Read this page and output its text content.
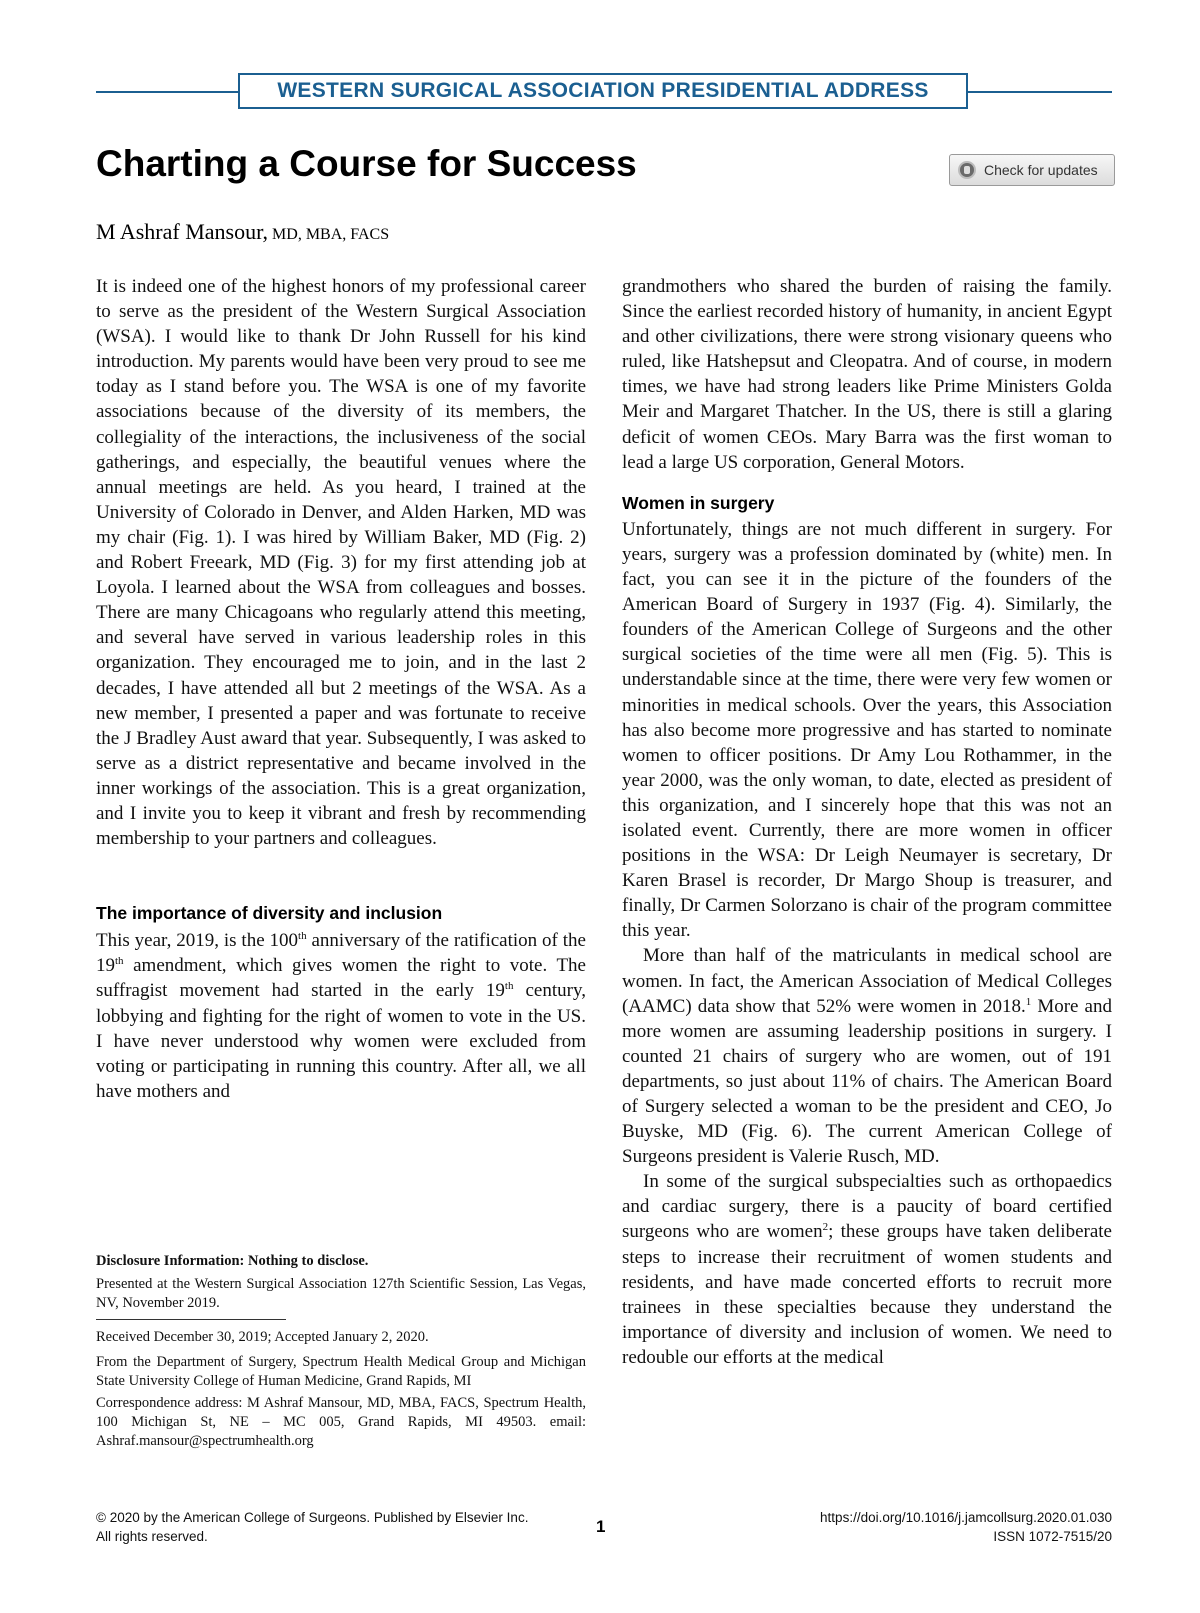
WESTERN SURGICAL ASSOCIATION PRESIDENTIAL ADDRESS
Charting a Course for Success	Check for updates
M Ashraf Mansour, MD, MBA, FACS

It is indeed one of the highest honors of my professional career to serve as the president of the Western Surgical Association (WSA). I would like to thank Dr John Russell for his kind introduction. My parents would have been very proud to see me today as I stand before you. The WSA is one of my favorite associations because of the diversity of its members, the collegiality of the interactions, the inclusiveness of the social gatherings, and especially, the beautiful venues where the annual meetings are held. As you heard, I trained at the University of Colorado in Denver, and Alden Harken, MD was my chair (Fig. 1). I was hired by William Baker, MD (Fig. 2) and Robert Freeark, MD (Fig. 3) for my first attending job at Loyola. I learned about the WSA from colleagues and bosses. There are many Chicagoans who regularly attend this meeting, and several have served in various leadership roles in this organization. They encouraged me to join, and in the last 2 decades, I have attended all but 2 meetings of the WSA. As a new member, I presented a paper and was fortunate to receive the J Bradley Aust award that year. Subsequently, I was asked to serve as a district representative and became involved in the inner workings of the association. This is a great organization, and I invite you to keep it vibrant and fresh by recommending membership to your partners and colleagues.

The importance of diversity and inclusion

This year, 2019, is the 100th anniversary of the ratification of the 19th amendment, which gives women the right to vote. The suffragist movement had started in the early 19th century, lobbying and fighting for the right of women to vote in the US. I have never understood why women were excluded from voting or participating in running this country. After all, we all have mothers and

Disclosure Information: Nothing to disclose.

Presented at the Western Surgical Association 127th Scientific Session, Las Vegas, NV, November 2019.

Received December 30, 2019; Accepted January 2, 2020.

From the Department of Surgery, Spectrum Health Medical Group and Michigan State University College of Human Medicine, Grand Rapids, MI

Correspondence address: M Ashraf Mansour, MD, MBA, FACS, Spectrum Health, 100 Michigan St, NE – MC 005, Grand Rapids, MI 49503. email: Ashraf.mansour@spectrumhealth.org

grandmothers who shared the burden of raising the family. Since the earliest recorded history of humanity, in ancient Egypt and other civilizations, there were strong visionary queens who ruled, like Hatshepsut and Cleopatra. And of course, in modern times, we have had strong leaders like Prime Ministers Golda Meir and Margaret Thatcher. In the US, there is still a glaring deficit of women CEOs. Mary Barra was the first woman to lead a large US corporation, General Motors.

Women in surgery

Unfortunately, things are not much different in surgery. For years, surgery was a profession dominated by (white) men. In fact, you can see it in the picture of the founders of the American Board of Surgery in 1937 (Fig. 4). Similarly, the founders of the American College of Surgeons and the other surgical societies of the time were all men (Fig. 5). This is understandable since at the time, there were very few women or minorities in medical schools. Over the years, this Association has also become more progressive and has started to nominate women to officer positions. Dr Amy Lou Rothammer, in the year 2000, was the only woman, to date, elected as president of this organization, and I sincerely hope that this was not an isolated event. Currently, there are more women in officer positions in the WSA: Dr Leigh Neumayer is secretary, Dr Karen Brasel is recorder, Dr Margo Shoup is treasurer, and finally, Dr Carmen Solorzano is chair of the program committee this year.

More than half of the matriculants in medical school are women. In fact, the American Association of Medical Colleges (AAMC) data show that 52% were women in 2018.$^1$ More and more women are assuming leadership positions in surgery. I counted 21 chairs of surgery who are women, out of 191 departments, so just about 11% of chairs. The American Board of Surgery selected a woman to be the president and CEO, Jo Buyske, MD (Fig. 6). The current American College of Surgeons president is Valerie Rusch, MD.

In some of the surgical subspecialties such as orthopaedics and cardiac surgery, there is a paucity of board certified surgeons who are women$^2$; these groups have taken deliberate steps to increase their recruitment of women students and residents, and have made concerted efforts to recruit more trainees in these specialties because they understand the importance of diversity and inclusion of women. We need to redouble our efforts at the medical

© 2020 by the American College of Surgeons. Published by Elsevier Inc.
All rights reserved.
1	https://doi.org/10.1016/j.jamcollsurg.2020.01.030
ISSN 1072-7515/20
